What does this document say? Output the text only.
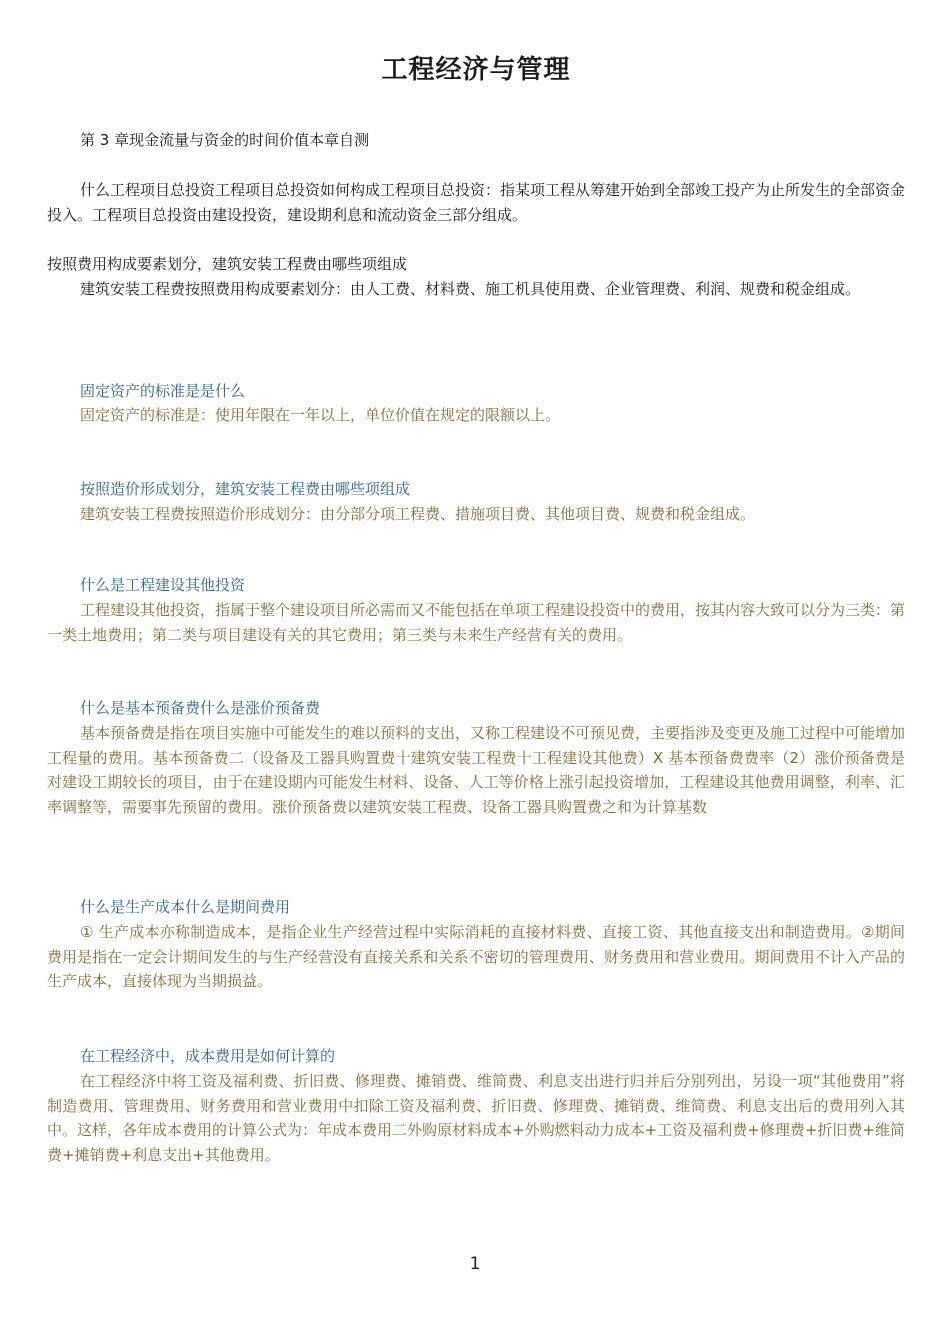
工程经济与管理

第 3 章现金流量与资金的时间价值本章自测

什么工程项目总投资工程项目总投资如何构成工程项目总投资：指某项工程从筹建开始到全部竣工投产为止所发生的全部资金投入。工程项目总投资由建设投资，建设期利息和流动资金三部分组成。

按照费用构成要素划分，建筑安装工程费由哪些项组成

建筑安装工程费按照费用构成要素划分：由人工费、材料费、施工机具使用费、企业管理费、利润、规费和税金组成。

固定资产的标准是是什么

固定资产的标准是：使用年限在一年以上，单位价值在规定的限额以上。

按照造价形成划分，建筑安装工程费由哪些项组成

建筑安装工程费按照造价形成划分：由分部分项工程费、措施项目费、其他项目费、规费和税金组成。

什么是工程建设其他投资

工程建设其他投资，指属于整个建设项目所必需而又不能包括在单项工程建设投资中的费用，按其内容大致可以分为三类：第一类土地费用；第二类与项目建设有关的其它费用；第三类与未来生产经营有关的费用。

什么是基本预备费什么是涨价预备费

基本预备费是指在项目实施中可能发生的难以预料的支出，又称工程建设不可预见费，主要指涉及变更及施工过程中可能增加工程量的费用。基本预备费二（设备及工器具购置费十建筑安装工程费十工程建设其他费）X 基本预备费费率（2）涨价预备费是对建设工期较长的项目，由于在建设期内可能发生材料、设备、人工等价格上涨引起投资增加，工程建设其他费用调整，利率、汇率调整等，需要事先预留的费用。涨价预备费以建筑安装工程费、设备工器具购置费之和为计算基数

什么是生产成本什么是期间费用

① 生产成本亦称制造成本，是指企业生产经营过程中实际消耗的直接材料费、直接工资、其他直接支出和制造费用。②期间费用是指在一定会计期间发生的与生产经营没有直接关系和关系不密切的管理费用、财务费用和营业费用。期间费用不计入产品的生产成本，直接体现为当期损益。

在工程经济中，成本费用是如何计算的

在工程经济中将工资及福利费、折旧费、修理费、摊销费、维简费、利息支出进行归并后分别列出，另设一项“其他费用”将制造费用、管理费用、财务费用和营业费用中扣除工资及福利费、折旧费、修理费、摊销费、维简费、利息支出后的费用列入其中。这样，各年成本费用的计算公式为：年成本费用二外购原材料成本+外购燃料动力成本+工资及福利费+修理费+折旧费+维简费+摊销费+利息支出+其他费用。

1
